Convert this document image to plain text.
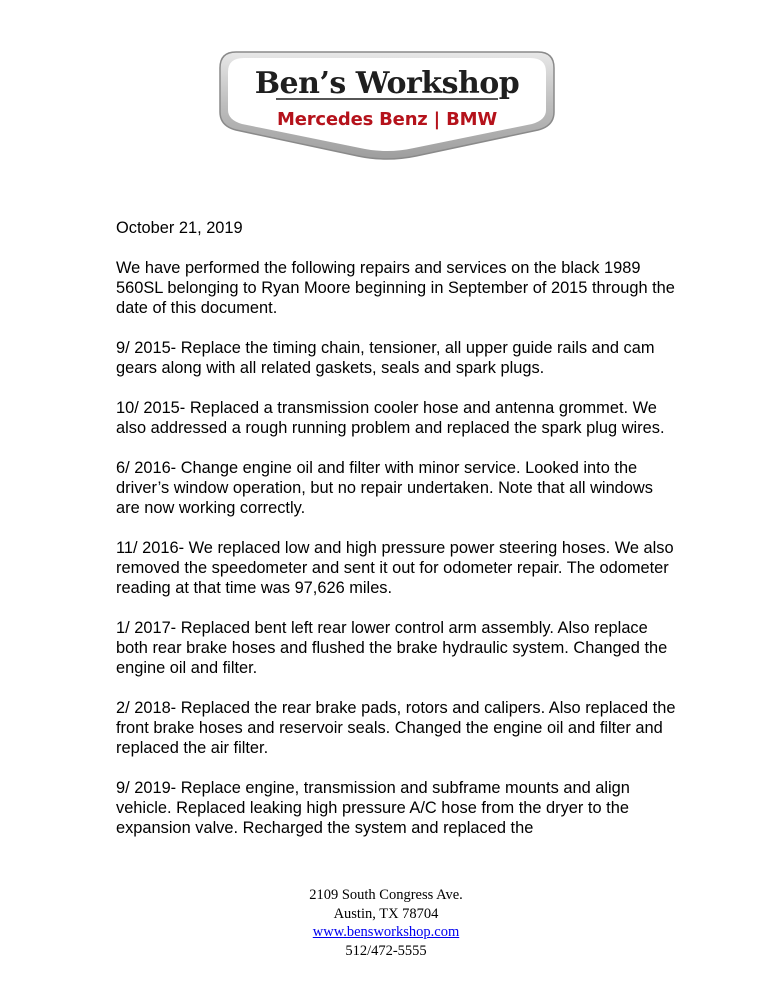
Ben’s Workshop
Mercedes Benz | BMW

October 21, 2019

We have performed the following repairs and services on the black 1989 560SL belonging to Ryan Moore beginning in September of 2015 through the date of this document.

9/ 2015- Replace the timing chain, tensioner, all upper guide rails and cam gears along with all related gaskets, seals and spark plugs.

10/ 2015- Replaced a transmission cooler hose and antenna grommet. We also addressed a rough running problem and replaced the spark plug wires.

6/ 2016- Change engine oil and filter with minor service. Looked into the driver’s window operation, but no repair undertaken. Note that all windows are now working correctly.

11/ 2016- We replaced low and high pressure power steering hoses. We also removed the speedometer and sent it out for odometer repair. The odometer reading at that time was 97,626 miles.

1/ 2017- Replaced bent left rear lower control arm assembly. Also replace both rear brake hoses and flushed the brake hydraulic system. Changed the engine oil and filter.

2/ 2018- Replaced the rear brake pads, rotors and calipers. Also replaced the front brake hoses and reservoir seals. Changed the engine oil and filter and replaced the air filter.

9/ 2019- Replace engine, transmission and subframe mounts and align vehicle. Replaced leaking high pressure A/C hose from the dryer to the expansion valve. Recharged the system and replaced the

2109 South Congress Ave.
Austin, TX 78704
www.bensworkshop.com
512/472-5555
